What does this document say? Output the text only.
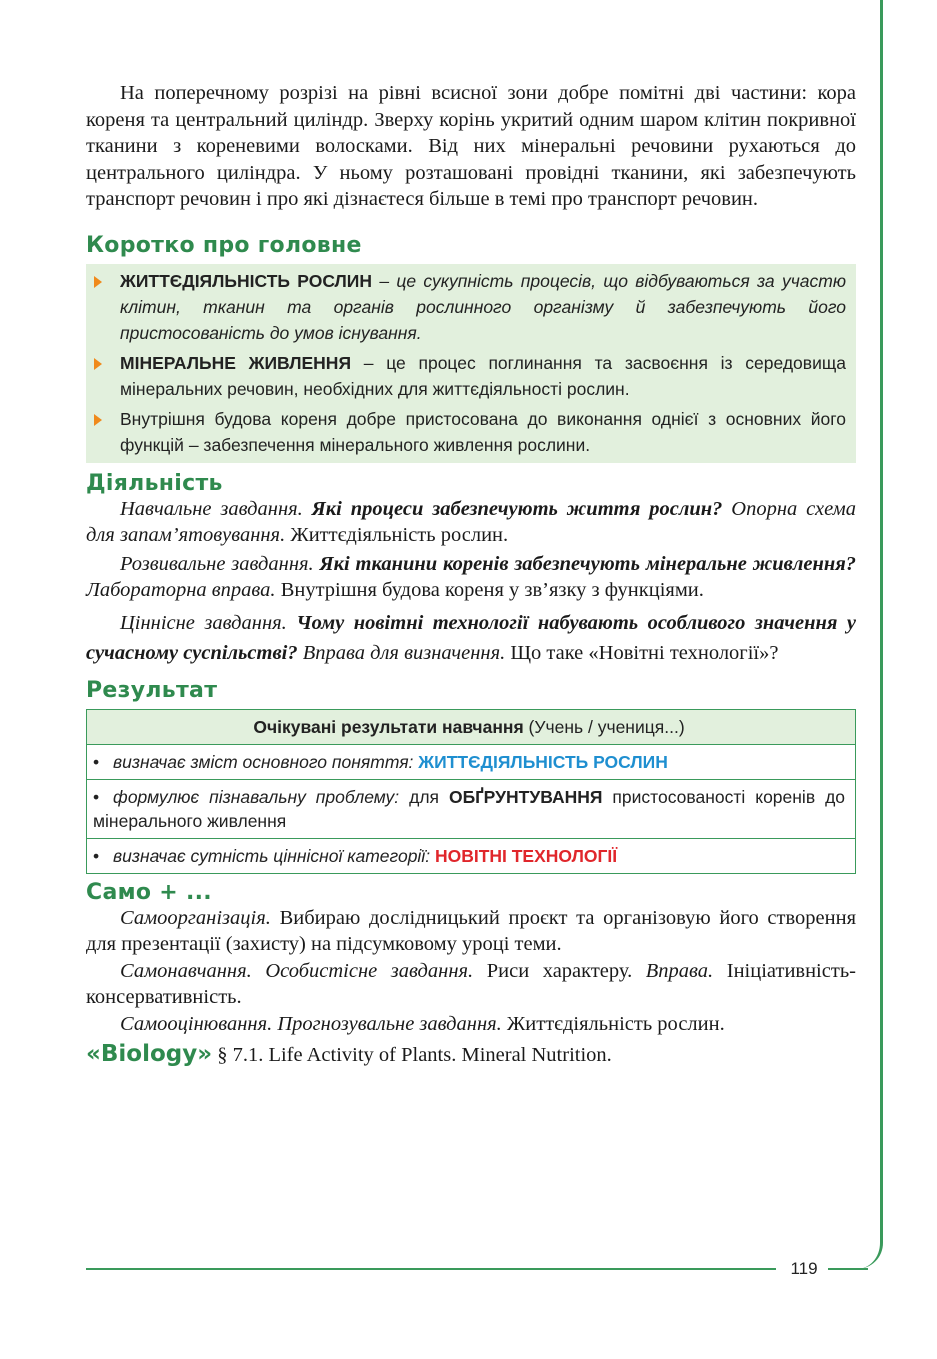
На поперечному розрізі на рівні всисної зони добре помітні дві частини: кора кореня та центральний циліндр. Зверху корінь укритий одним шаром клітин покривної тканини з кореневими волосками. Від них мінеральні речовини рухаються до центрального циліндра. У ньому розташовані провідні тканини, які забезпечують транспорт речовин і про які дізнаєтеся більше в темі про транспорт речовин.

Коротко про головне
ЖИТТЄДІЯЛЬНІСТЬ РОСЛИН – це сукупність процесів, що відбуваються за участю клітин, тканин та органів рослинного організму й забезпечують його пристосованість до умов існування.
МІНЕРАЛЬНЕ ЖИВЛЕННЯ – це процес поглинання та засвоєння із середовища мінеральних речовин, необхідних для життєдіяльності рослин.
Внутрішня будова кореня добре пристосована до виконання однієї з основних його функцій – забезпечення мінерального живлення рослини.
Діяльність

Навчальне завдання. Які процеси забезпечують життя рослин? Опорна схема для запам’ятовування. Життєдіяльність рослин.

Розвивальне завдання. Які тканини коренів забезпечують мінеральне живлення? Лабораторна вправа. Внутрішня будова кореня у зв’язку з функціями.

Ціннісне завдання. Чому новітні технології набувають особливого значення у сучасному суспільстві? Вправа для визначення. Що таке «Новітні технології»?

Результат
Очікувані результати навчання (Учень / учениця...)
• визначає зміст основного поняття: ЖИТТЄДІЯЛЬНІСТЬ РОСЛИН
• формулює пізнавальну проблему: для ОБҐРУНТУВАННЯ пристосованості коренів до мінерального живлення
• визначає сутність ціннісної категорії: НОВІТНІ ТЕХНОЛОГІЇ
Само + ...

Самоорганізація. Вибираю дослідницький проєкт та організовую його створення для презентації (захисту) на підсумковому уроці теми.

Самонавчання. Особистісне завдання. Риси характеру. Вправа. Ініціативність-консервативність.

Самооцінювання. Прогнозувальне завдання. Життєдіяльність рослин.

«Biology» § 7.1. Life Activity of Plants. Mineral Nutrition.
119
